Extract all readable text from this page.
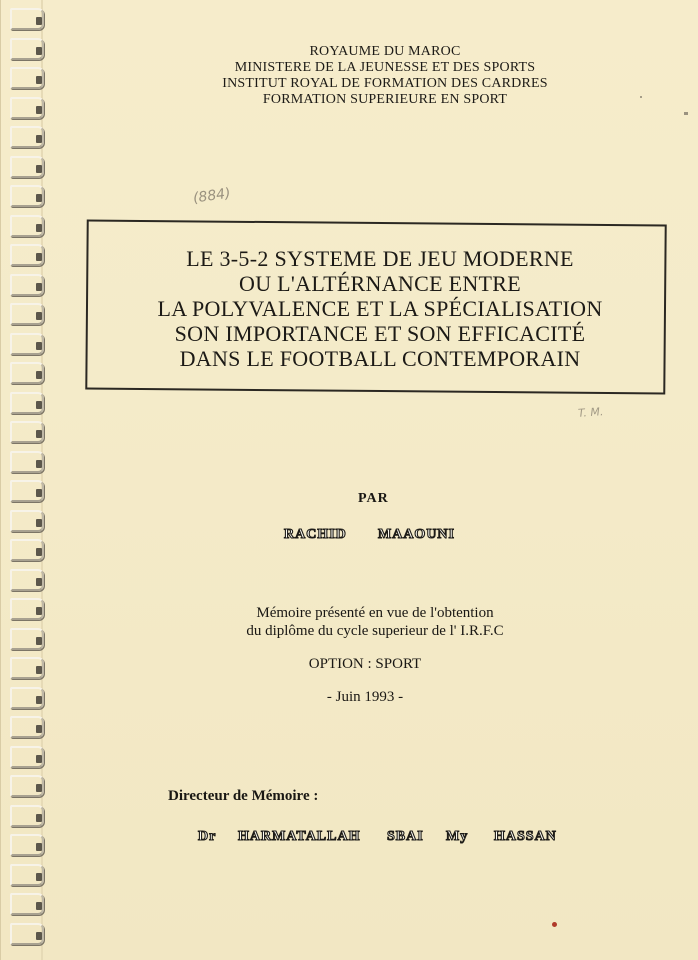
ROYAUME DU MAROC
MINISTERE DE LA JEUNESSE ET DES SPORTS
INSTITUT ROYAL DE FORMATION DES CARDRES
FORMATION SUPERIEURE EN SPORT
(884)
T. M.
LE 3-5-2 SYSTEME DE JEU MODERNE
OU L'ALTÉRNANCE ENTRE
LA POLYVALENCE ET LA SPÉCIALISATION
SON IMPORTANCE ET SON EFFICACITÉ
DANS LE FOOTBALL CONTEMPORAIN
PAR
RACHID MAAOUNI
Mémoire présenté en vue de l'obtention
du diplôme du cycle superieur de l' I.R.F.C
OPTION : SPORT
- Juin 1993 -
Directeur de Mémoire :
Dr HARMATALLAH SBAI My HASSAN
